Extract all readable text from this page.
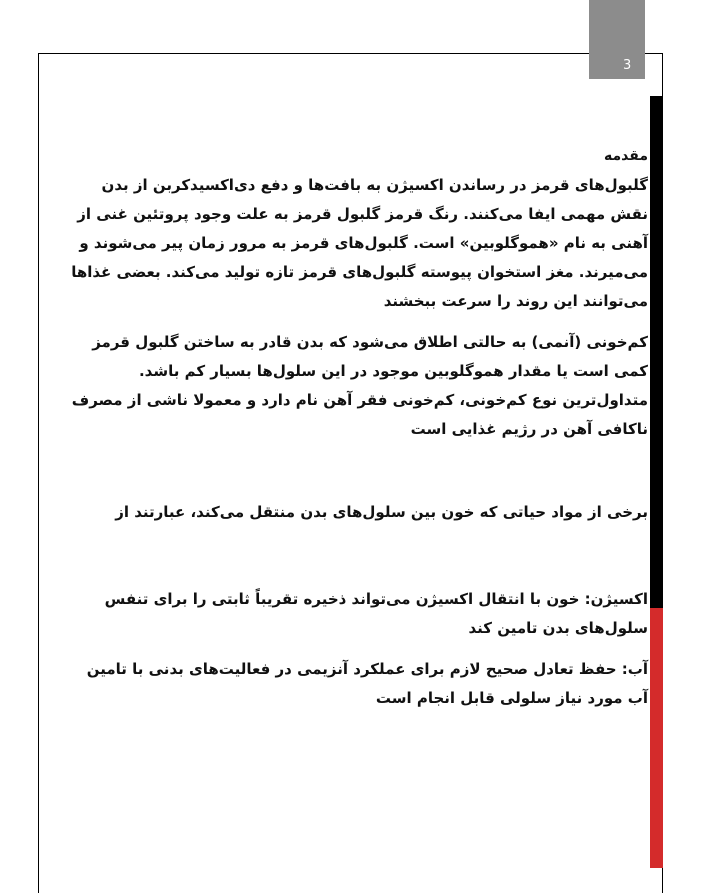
3
مقدمه

گلبول‌های قرمز در رساندن اکسیژن به بافت‌ها و دفع دی‌اکسیدکربن از بدن نقش مهمی ایفا می‌کنند. رنگ قرمز گلبول قرمز به علت وجود پروتئین غنی از آهنی به نام «هموگلوبین» است. گلبول‌های قرمز به مرور زمان پیر می‌شوند و می‌میرند. مغز استخوان پیوسته گلبول‌های قرمز تازه تولید می‌کند. بعضی غذاها می‌توانند این روند را سرعت ببخشند

کم‌خونی (آنمی) به حالتی اطلاق می‌شود که بدن قادر به ساختن گلبول قرمز کمی است یا مقدار هموگلوبین موجود در این سلول‌ها بسیار کم باشد. متداول‌ترین نوع کم‌خونی، کم‌خونی فقر آهن نام دارد و معمولا ناشی از مصرف ناکافی آهن در رژیم غذایی است

برخی از مواد حیاتی که خون بین سلول‌های بدن منتقل می‌کند، عبارتند از

اکسیژن: خون با انتقال اکسیژن می‌تواند ذخیره تقریباً ثابتی را برای تنفس سلول‌های بدن تامین کند

آب: حفظ تعادل صحیح لازم برای عملکرد آنزیمی در فعالیت‌های بدنی با تامین آب مورد نیاز سلولی قابل انجام است
